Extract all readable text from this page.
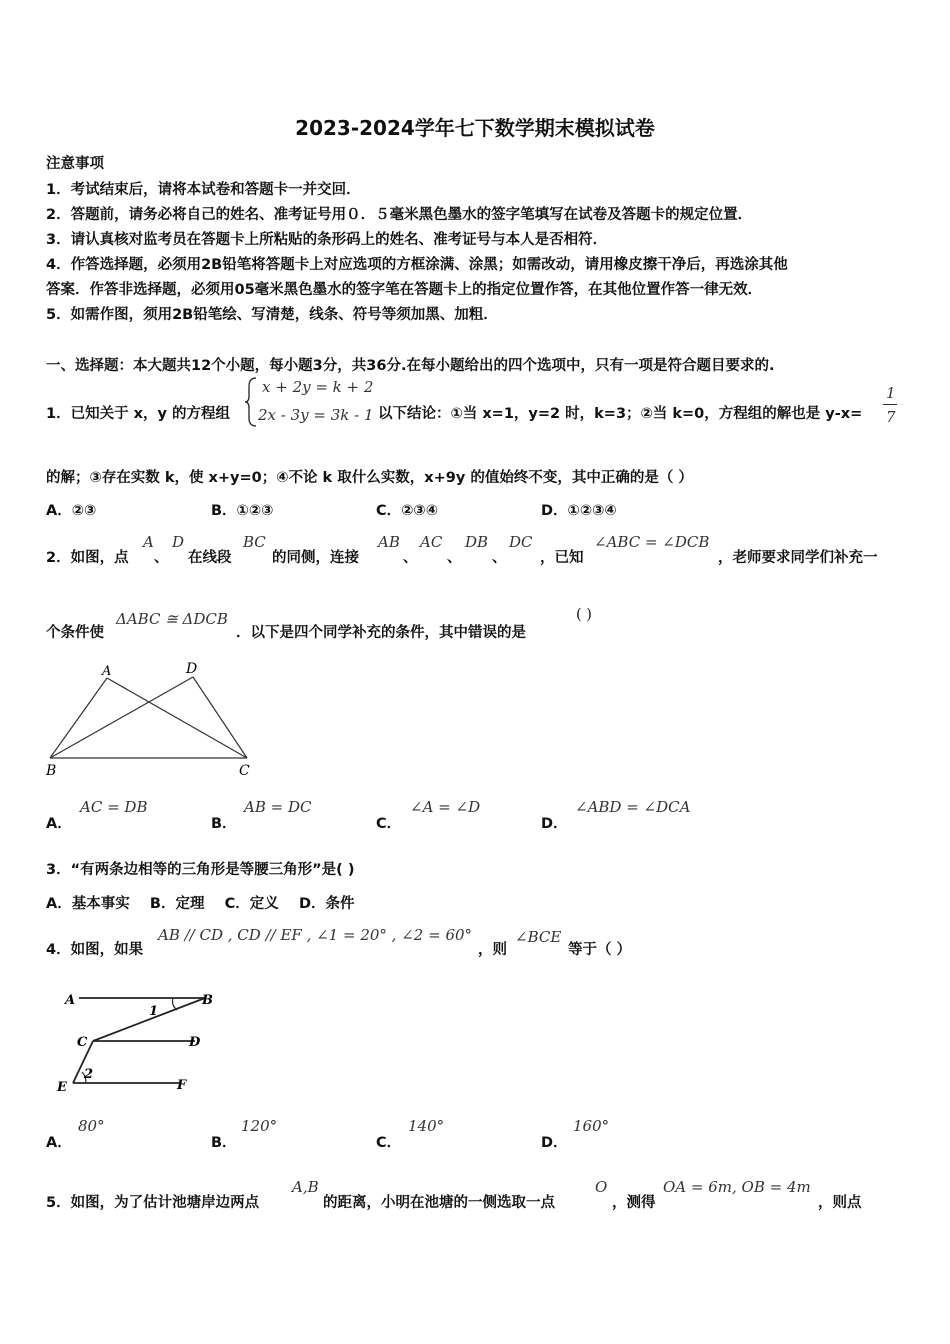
2023-2024学年七下数学期末模拟试卷
注意事项
1．考试结束后，请将本试卷和答题卡一并交回．
2．答题前，请务必将自己的姓名、准考证号用０．５毫米黑色墨水的签字笔填写在试卷及答题卡的规定位置．
3．请认真核对监考员在答题卡上所粘贴的条形码上的姓名、准考证号与本人是否相符．
4．作答选择题，必须用2B铅笔将答题卡上对应选项的方框涂满、涂黑；如需改动，请用橡皮擦干净后，再选涂其他
答案．作答非选择题，必须用05毫米黑色墨水的签字笔在答题卡上的指定位置作答，在其他位置作答一律无效．
5．如需作图，须用2B铅笔绘、写清楚，线条、符号等须加黑、加粗．
一、选择题：本大题共12个小题，每小题3分，共36分.在每小题给出的四个选项中，只有一项是符合题目要求的.
1．已知关于 x，y 的方程组
x + 2y = k + 2
2x - 3y = 3k - 1 以下结论：①当 x=1，y=2 时，k=3；②当 k=0，方程组的解也是 y-x=
1
7
的解；③存在实数 k，使 x+y=0；④不论 k 取什么实数，x+9y 的值始终不变，其中正确的是（ ）
A．②③	B．①②③	C．②③④	D．①②③④
2．如图，点
A
、
D
在线段
BC
的同侧，连接
AB
、
AC
、
DB
、
DC
，已知
∠ABC = ∠DCB
，老师要求同学们补充一
个条件使
ΔABC ≅ ΔDCB
．以下是四个同学补充的条件，其中错误的是
( )
A	D
B	C
A．
AC = DB
B．
AB = DC
C．
∠A = ∠D
D．
∠ABD = ∠DCA
3．“有两条边相等的三角形是等腰三角形”是( )
A．基本事实    B．定理    C．定义    D．条件
4．如图，如果
AB // CD , CD // EF , ∠1 = 20° , ∠2 = 60°
，则
∠BCE
等于（ ）
A	B
1
C	D
2
E	F
A．
80°
B．
120°
C．
140°
D．
160°
5．如图，为了估计池塘岸边两点
A,B
的距离，小明在池塘的一侧选取一点
O
，测得
OA = 6m, OB = 4m
，则点
